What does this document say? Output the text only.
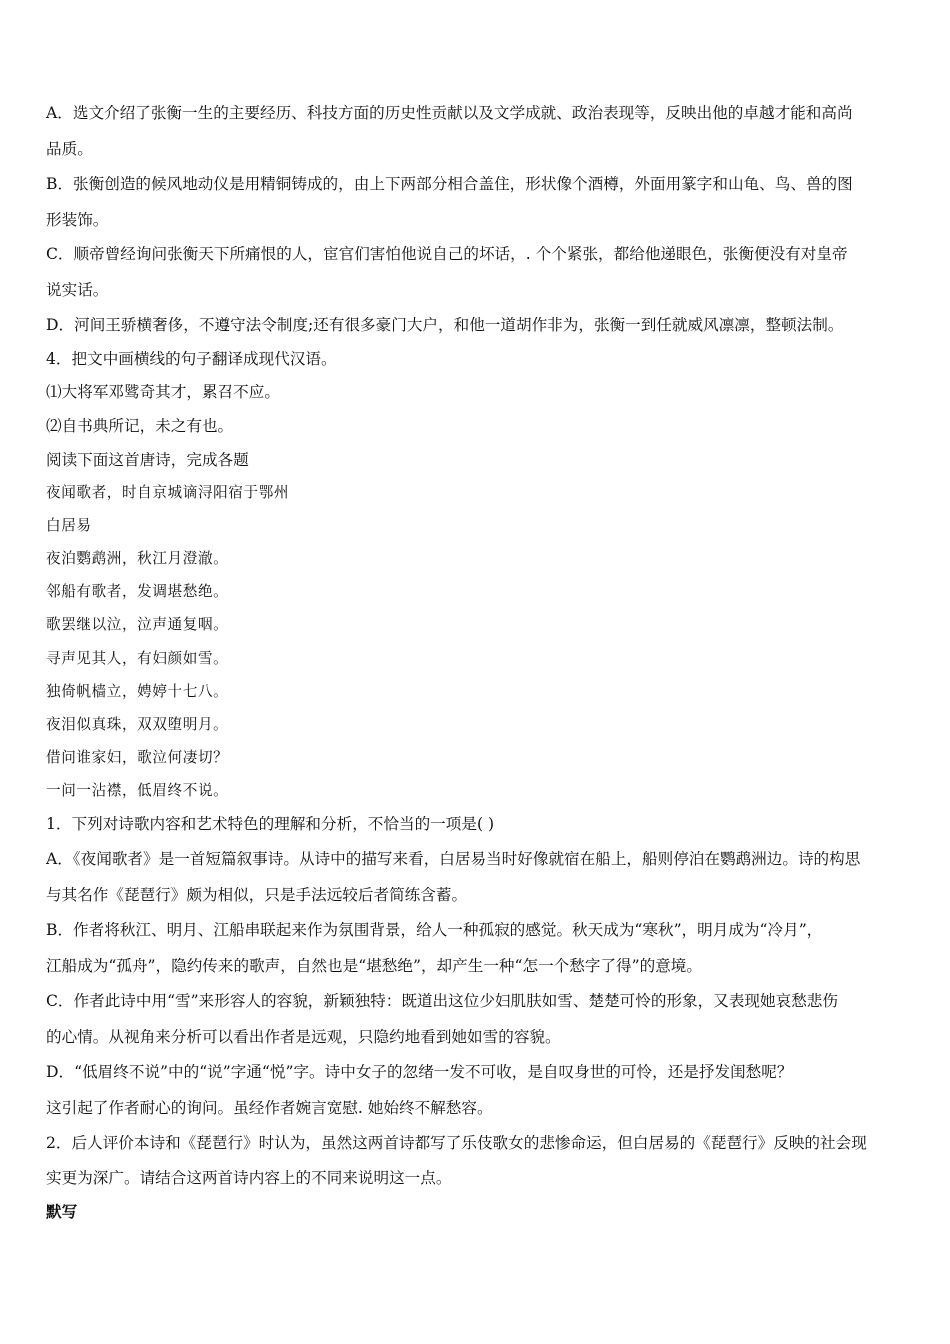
A．选文介绍了张衡一生的主要经历、科技方面的历史性贡献以及文学成就、政治表现等，反映出他的卓越才能和高尚

品质。

B．张衡创造的候风地动仪是用精铜铸成的，由上下两部分相合盖住，形状像个酒樽，外面用篆字和山龟、鸟、兽的图

形装饰。

C．顺帝曾经询问张衡天下所痛恨的人，宦官们害怕他说自己的坏话，. 个个紧张，都给他递眼色，张衡便没有对皇帝

说实话。

D．河间王骄横奢侈，不遵守法令制度;还有很多豪门大户，和他一道胡作非为，张衡一到任就威风凛凛，整顿法制。

4．把文中画横线的句子翻译成现代汉语。

⑴大将军邓骘奇其才，累召不应。

⑵自书典所记，未之有也。

阅读下面这首唐诗，完成各题

夜闻歌者，时自京城谪浔阳宿于鄂州

白居易

夜泊鹦鹉洲，秋江月澄澈。

邻船有歌者，发调堪愁绝。

歌罢继以泣，泣声通复咽。

寻声见其人，有妇颜如雪。

独倚帆樯立，娉婷十七八。

夜泪似真珠，双双堕明月。

借问谁家妇，歌泣何凄切？

一问一沾襟，低眉终不说。

1．下列对诗歌内容和艺术特色的理解和分析，不恰当的一项是( )

A．《夜闻歌者》是一首短篇叙事诗。从诗中的描写来看，白居易当时好像就宿在船上，船则停泊在鹦鹉洲边。诗的构思

与其名作《琵琶行》颇为相似，只是手法远较后者简练含蓄。

B．作者将秋江、明月、江船串联起来作为氛围背景，给人一种孤寂的感觉。秋天成为“寒秋”，明月成为“冷月”，

江船成为“孤舟”，隐约传来的歌声，自然也是“堪愁绝”，却产生一种“怎一个愁字了得”的意境。

C．作者此诗中用“雪”来形容人的容貌，新颖独特：既道出这位少妇肌肤如雪、楚楚可怜的形象，又表现她哀愁悲伤

的心情。从视角来分析可以看出作者是远观，只隐约地看到她如雪的容貌。

D．“低眉终不说”中的“说”字通“悦”字。诗中女子的忽绪一发不可收，是自叹身世的可怜，还是抒发闺愁呢？

这引起了作者耐心的询问。虽经作者婉言宽慰. 她始终不解愁容。

2．后人评价本诗和《琵琶行》时认为，虽然这两首诗都写了乐伎歌女的悲惨命运，但白居易的《琵琶行》反映的社会现

实更为深广。请结合这两首诗内容上的不同来说明这一点。

默写
